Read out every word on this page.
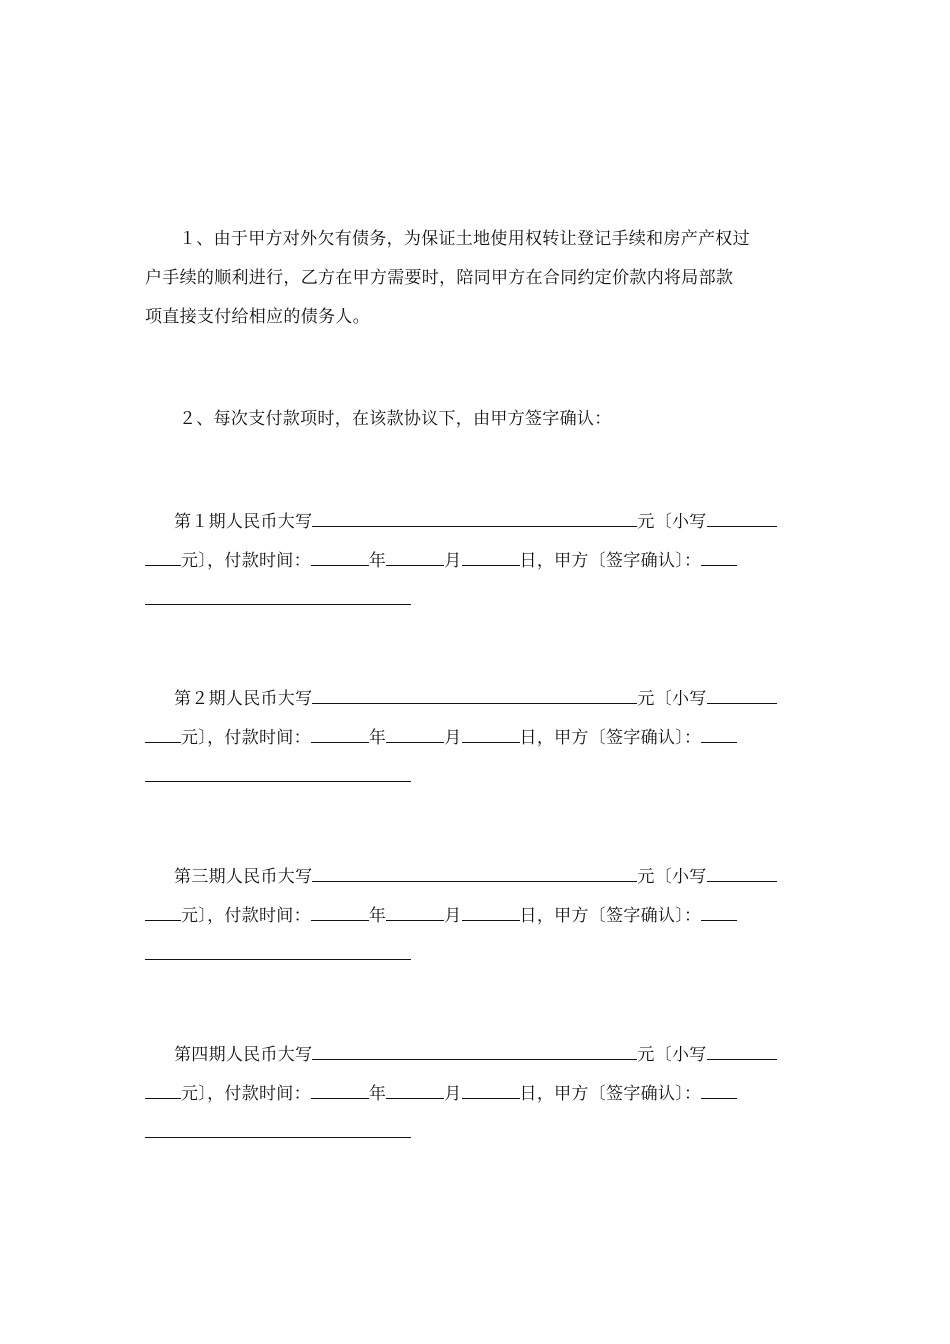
１、由于甲方对外欠有债务，为保证土地使用权转让登记手续和房产产权过
户手续的顺利进行，乙方在甲方需要时，陪同甲方在合同约定价款内将局部款
项直接支付给相应的债务人。
２、每次支付款项时，在该款协议下，由甲方签字确认：
第１期人民币大写	元〔小写
元〕，付款时间：	年	月	日，甲方〔签字确认〕：
第２期人民币大写	元〔小写
元〕，付款时间：	年	月	日，甲方〔签字确认〕：
第三期人民币大写	元〔小写
元〕，付款时间：	年	月	日，甲方〔签字确认〕：
第四期人民币大写	元〔小写
元〕，付款时间：	年	月	日，甲方〔签字确认〕：
